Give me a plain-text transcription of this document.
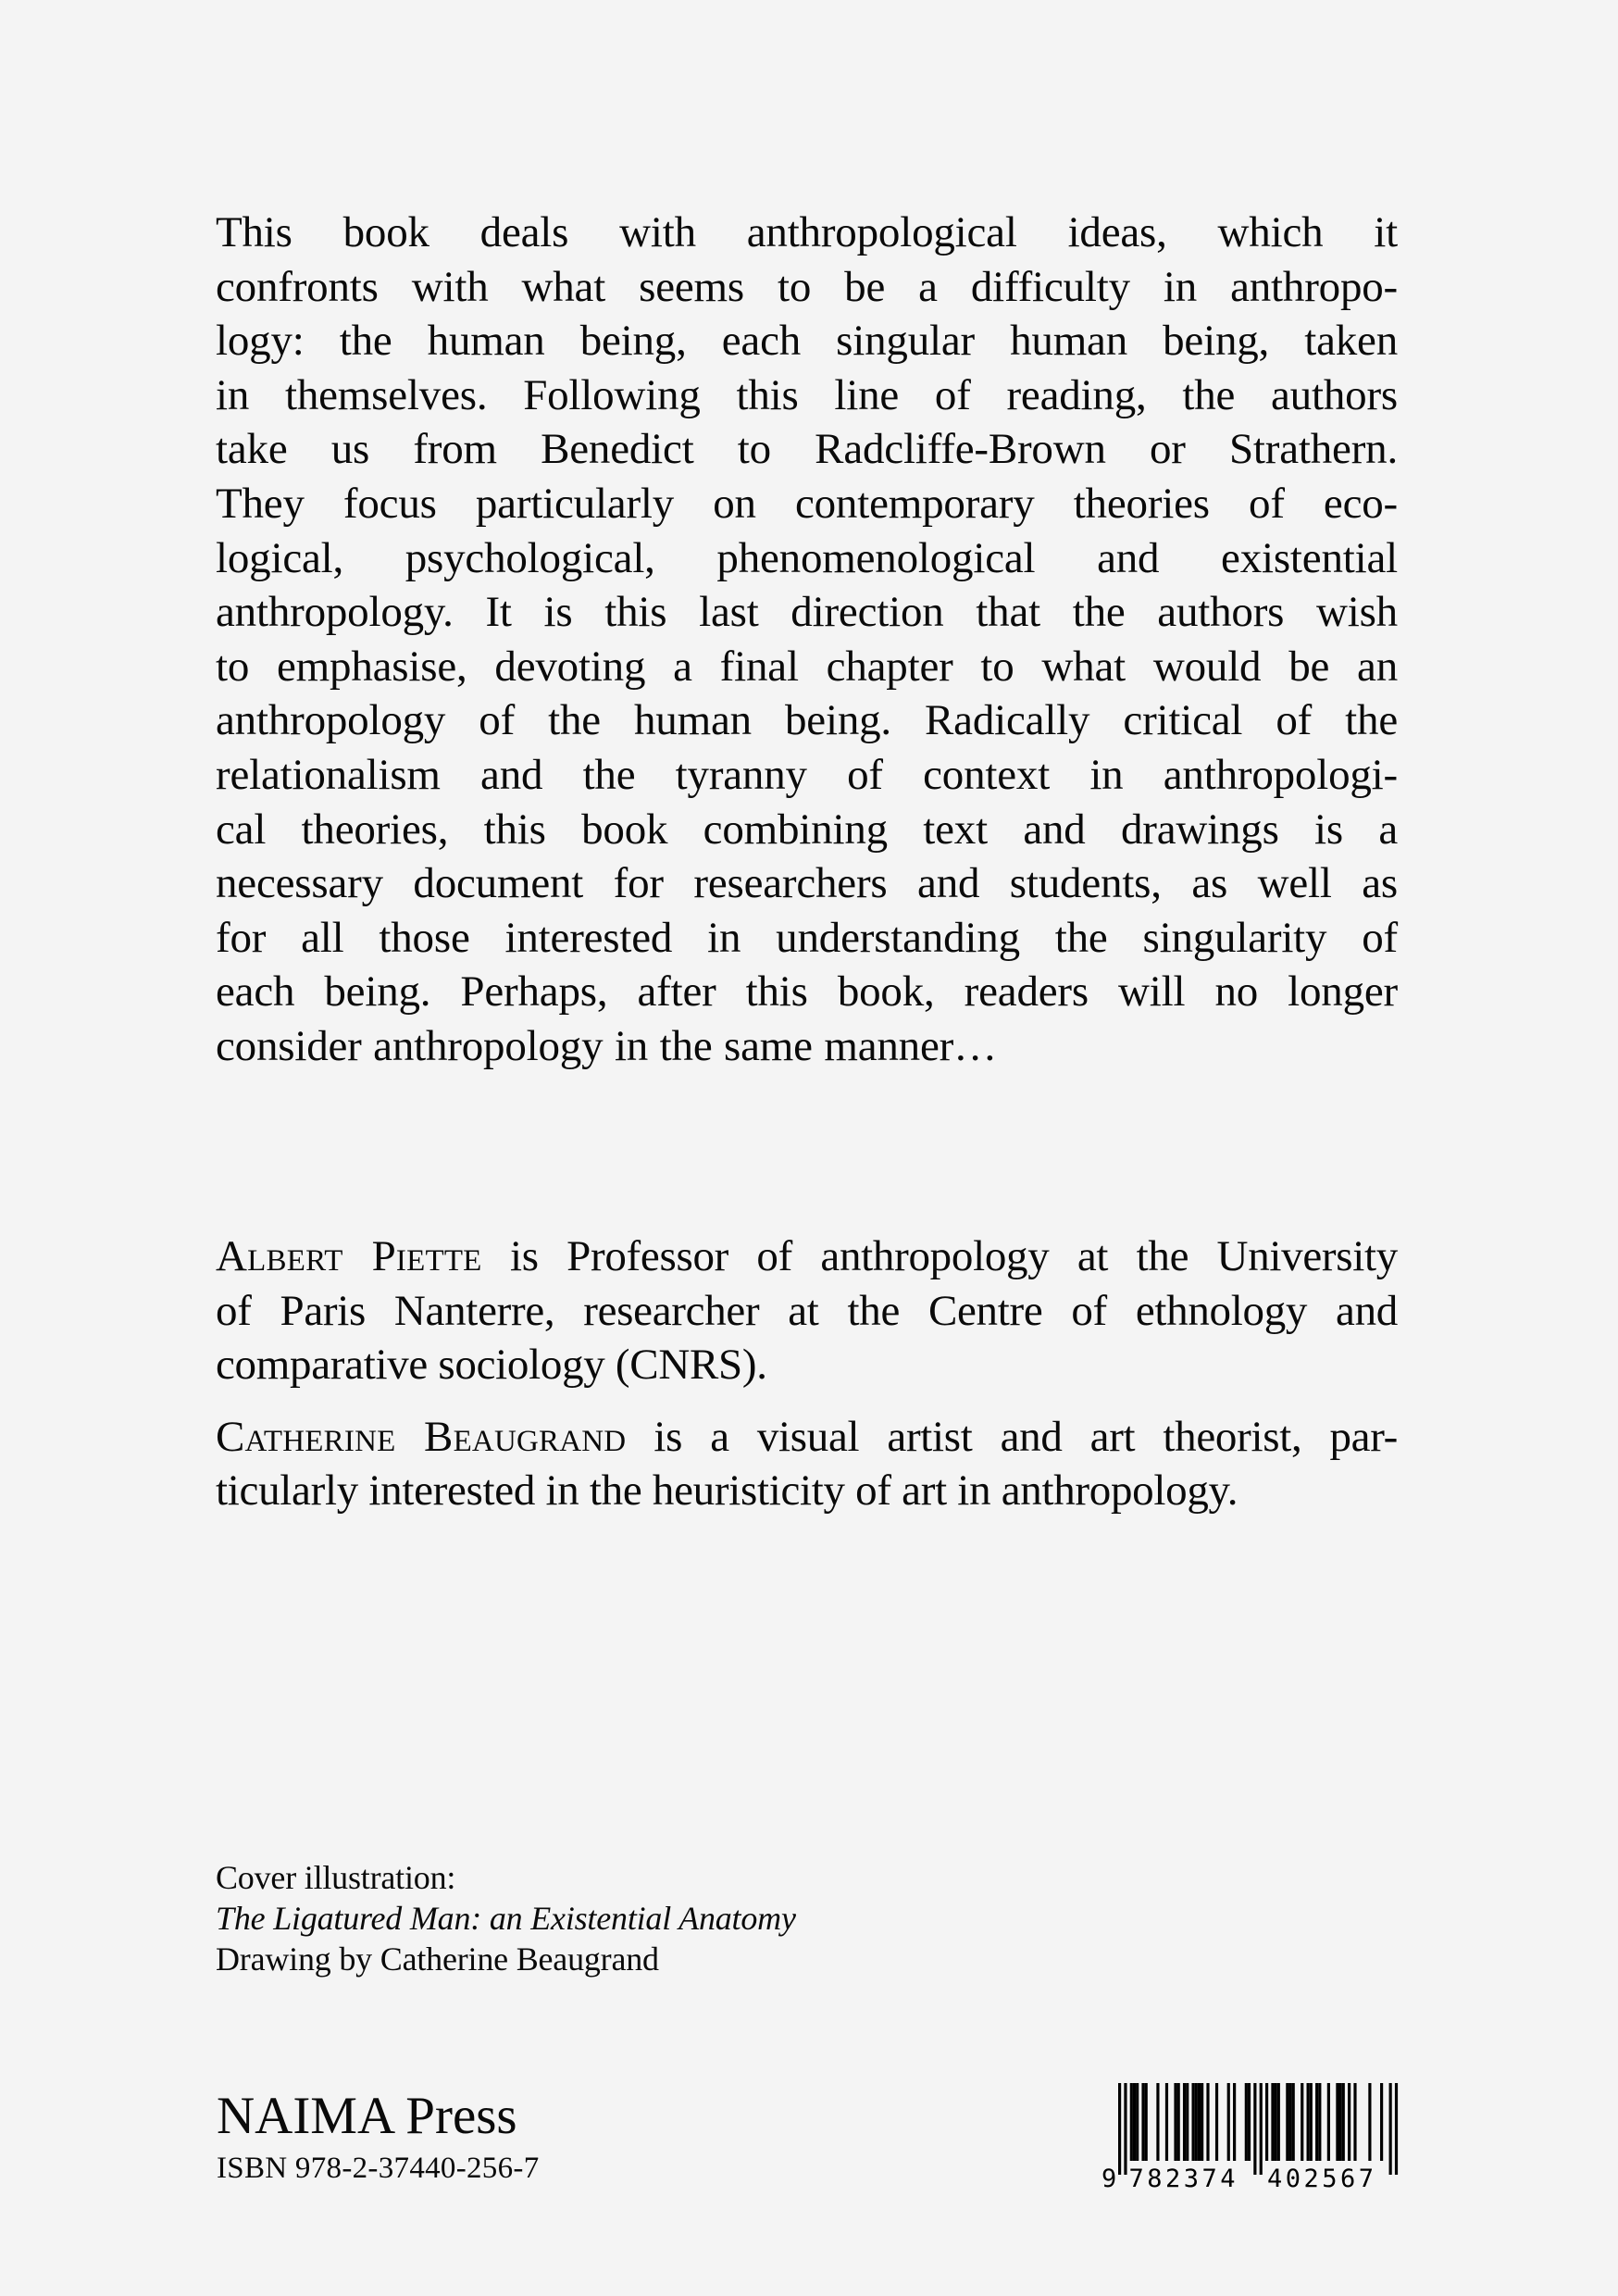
This book deals with anthropological ideas, which it
confronts with what seems to be a difficulty in anthropo-
logy: the human being, each singular human being, taken
in themselves. Following this line of reading, the authors
take us from Benedict to Radcliffe-Brown or Strathern.
They focus particularly on contemporary theories of eco-
logical, psychological, phenomenological and existential
anthropology. It is this last direction that the authors wish
to emphasise, devoting a final chapter to what would be an
anthropology of the human being. Radically critical of the
relationalism and the tyranny of context in anthropologi-
cal theories, this book combining text and drawings is a
necessary document for researchers and students, as well as
for all those interested in understanding the singularity of
each being. Perhaps, after this book, readers will no longer
consider anthropology in the same manner…
Albert Piette is Professor of anthropology at the University
of Paris Nanterre, researcher at the Centre of ethnology and
comparative sociology (CNRS).
Catherine Beaugrand is a visual artist and art theorist, par-
ticularly interested in the heuristicity of art in anthropology.
Cover illustration:
The Ligatured Man: an Existential Anatomy
Drawing by Catherine Beaugrand
NAIMA Press
ISBN 978-2-37440-256-7	9 782374 402567
